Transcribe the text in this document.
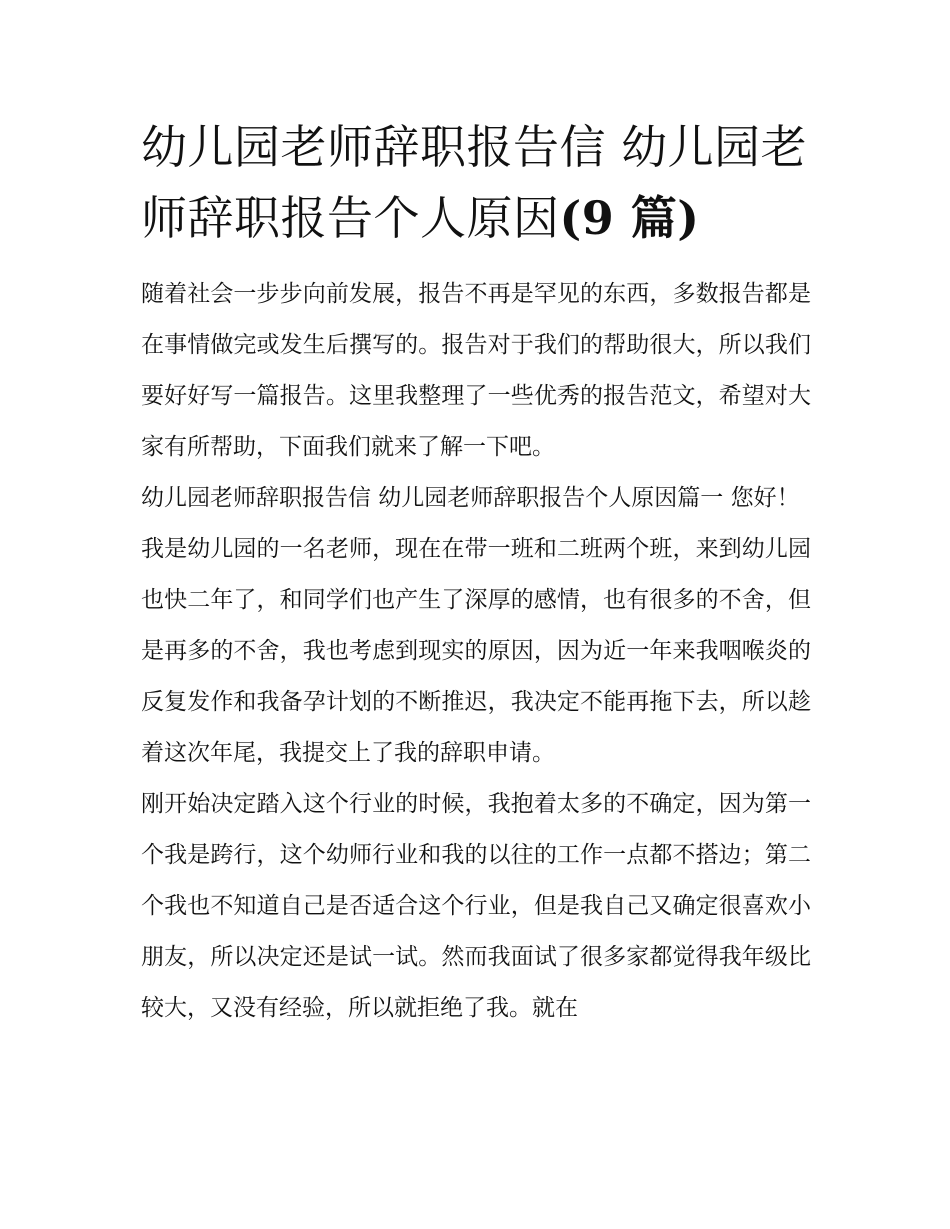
幼儿园老师辞职报告信 幼儿园老师辞职报告个人原因(9 篇)

随着社会一步步向前发展，报告不再是罕见的东西，多数报告都是在事情做完或发生后撰写的。报告对于我们的帮助很大，所以我们要好好写一篇报告。这里我整理了一些优秀的报告范文，希望对大家有所帮助，下面我们就来了解一下吧。

幼儿园老师辞职报告信 幼儿园老师辞职报告个人原因篇一 您好！

我是幼儿园的一名老师，现在在带一班和二班两个班，来到幼儿园也快二年了，和同学们也产生了深厚的感情，也有很多的不舍，但是再多的不舍，我也考虑到现实的原因，因为近一年来我咽喉炎的反复发作和我备孕计划的不断推迟，我决定不能再拖下去，所以趁着这次年尾，我提交上了我的辞职申请。

刚开始决定踏入这个行业的时候，我抱着太多的不确定，因为第一个我是跨行，这个幼师行业和我的以往的工作一点都不搭边；第二个我也不知道自己是否适合这个行业，但是我自己又确定很喜欢小朋友，所以决定还是试一试。然而我面试了很多家都觉得我年级比较大，又没有经验，所以就拒绝了我。就在
